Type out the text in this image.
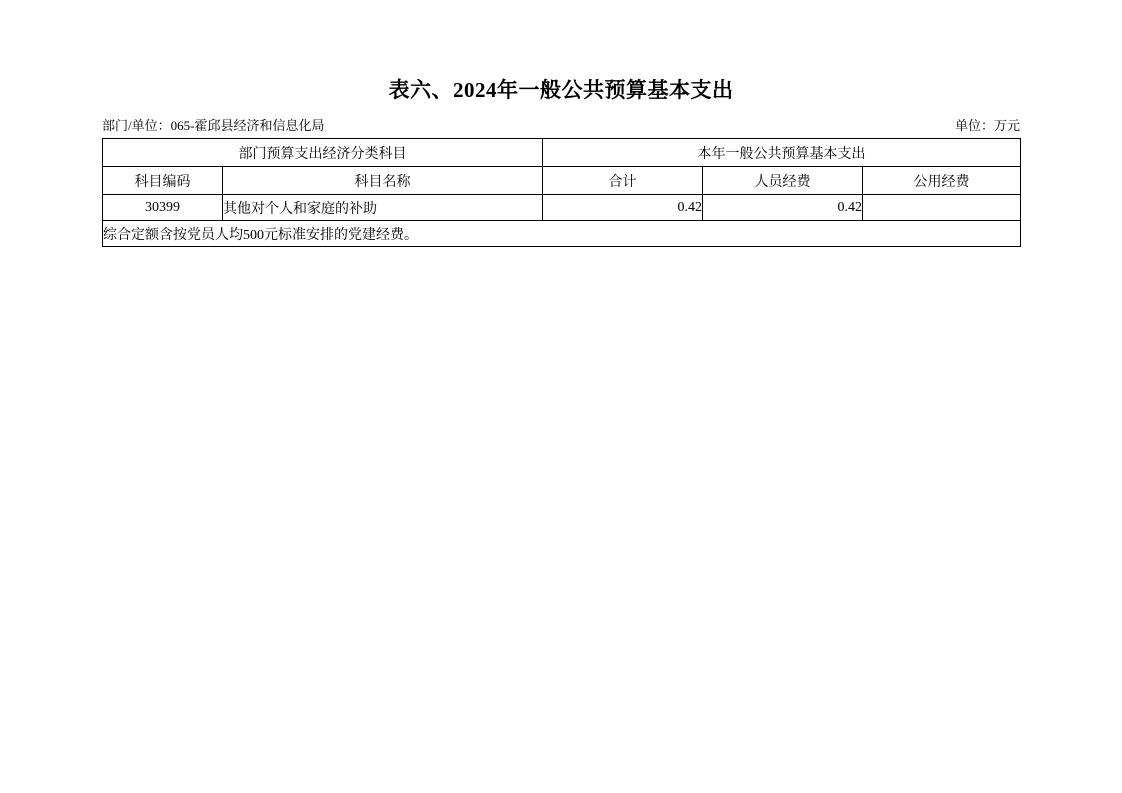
表六、2024年一般公共预算基本支出
部门/单位：065-霍邱县经济和信息化局	单位：万元
部门预算支出经济分类科目		本年一般公共预算基本支出		
科目编码	科目名称	合计	人员经费	公用经费
30399	其他对个人和家庭的补助	0.42	0.42	
综合定额含按党员人均500元标准安排的党建经费。				
